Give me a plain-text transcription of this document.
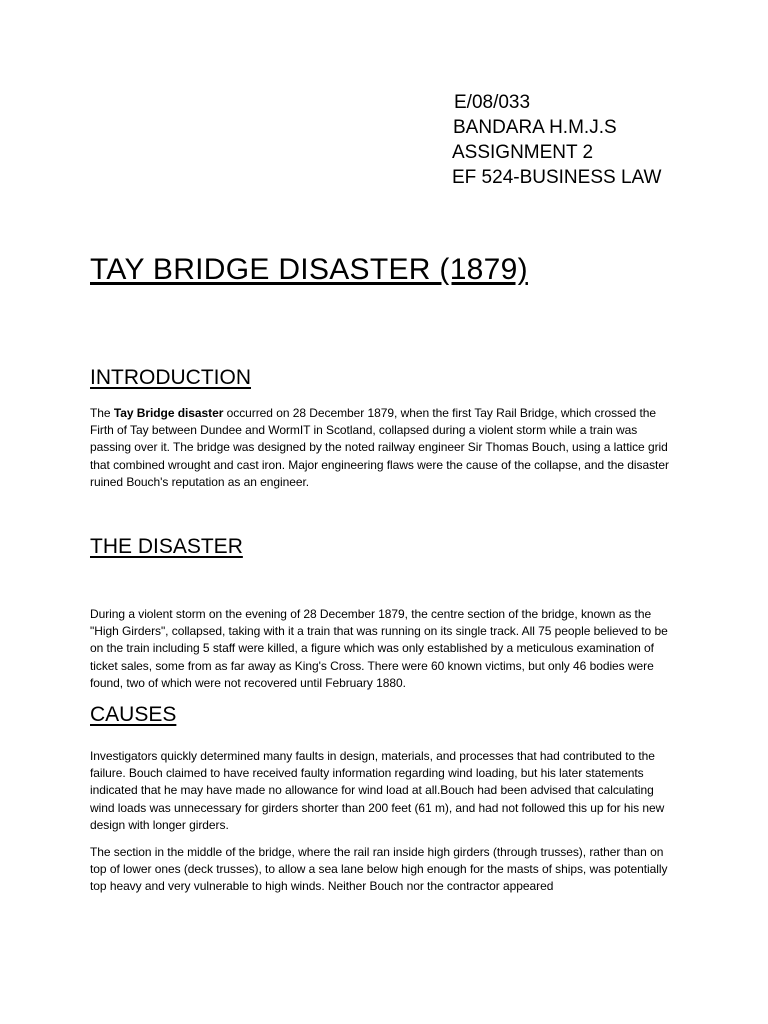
E/08/033
BANDARA H.M.J.S
ASSIGNMENT 2
EF 524-BUSINESS LAW
TAY BRIDGE DISASTER (1879)
INTRODUCTION

The Tay Bridge disaster occurred on 28 December 1879, when the first Tay Rail Bridge, which crossed the Firth of Tay between Dundee and WormIT in Scotland, collapsed during a violent storm while a train was passing over it. The bridge was designed by the noted railway engineer Sir Thomas Bouch, using a lattice grid that combined wrought and cast iron. Major engineering flaws were the cause of the collapse, and the disaster ruined Bouch's reputation as an engineer.

THE DISASTER

During a violent storm on the evening of 28 December 1879, the centre section of the bridge, known as the "High Girders", collapsed, taking with it a train that was running on its single track. All 75 people believed to be on the train including 5 staff were killed, a figure which was only established by a meticulous examination of ticket sales, some from as far away as King's Cross. There were 60 known victims, but only 46 bodies were found, two of which were not recovered until February 1880.

CAUSES

Investigators quickly determined many faults in design, materials, and processes that had contributed to the failure. Bouch claimed to have received faulty information regarding wind loading, but his later statements indicated that he may have made no allowance for wind load at all.Bouch had been advised that calculating wind loads was unnecessary for girders shorter than 200 feet (61 m), and had not followed this up for his new design with longer girders.

The section in the middle of the bridge, where the rail ran inside high girders (through trusses), rather than on top of lower ones (deck trusses), to allow a sea lane below high enough for the masts of ships, was potentially top heavy and very vulnerable to high winds. Neither Bouch nor the contractor appeared
